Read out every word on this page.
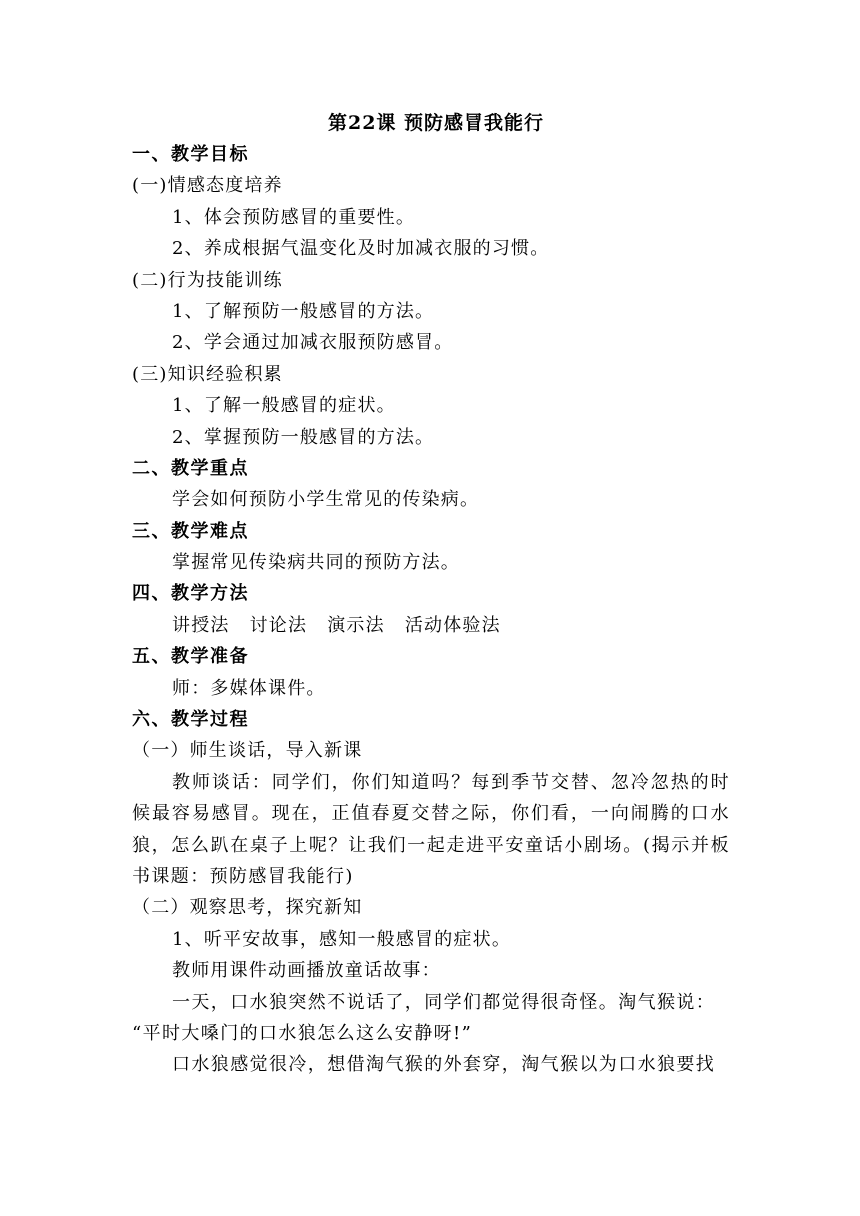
第22课 预防感冒我能行
一、教学目标
(一)情感态度培养
1、体会预防感冒的重要性。
2、养成根据气温变化及时加减衣服的习惯。
(二)行为技能训练
1、了解预防一般感冒的方法。
2、学会通过加减衣服预防感冒。
(三)知识经验积累
1、了解一般感冒的症状。
2、掌握预防一般感冒的方法。
二、教学重点
学会如何预防小学生常见的传染病。
三、教学难点
掌握常见传染病共同的预防方法。
四、教学方法
讲授法 讨论法 演示法 活动体验法
五、教学准备
师：多媒体课件。
六、教学过程
（一）师生谈话，导入新课

教师谈话：同学们，你们知道吗？每到季节交替、忽冷忽热的时候最容易感冒。现在，正值春夏交替之际，你们看，一向闹腾的口水狼，怎么趴在桌子上呢？让我们一起走进平安童话小剧场。(揭示并板书课题：预防感冒我能行)

（二）观察思考，探究新知
1、听平安故事，感知一般感冒的症状。
教师用课件动画播放童话故事：
一天，口水狼突然不说话了，同学们都觉得很奇怪。淘气猴说：
“平时大嗓门的口水狼怎么这么安静呀!”
口水狼感觉很冷，想借淘气猴的外套穿，淘气猴以为口水狼要找
